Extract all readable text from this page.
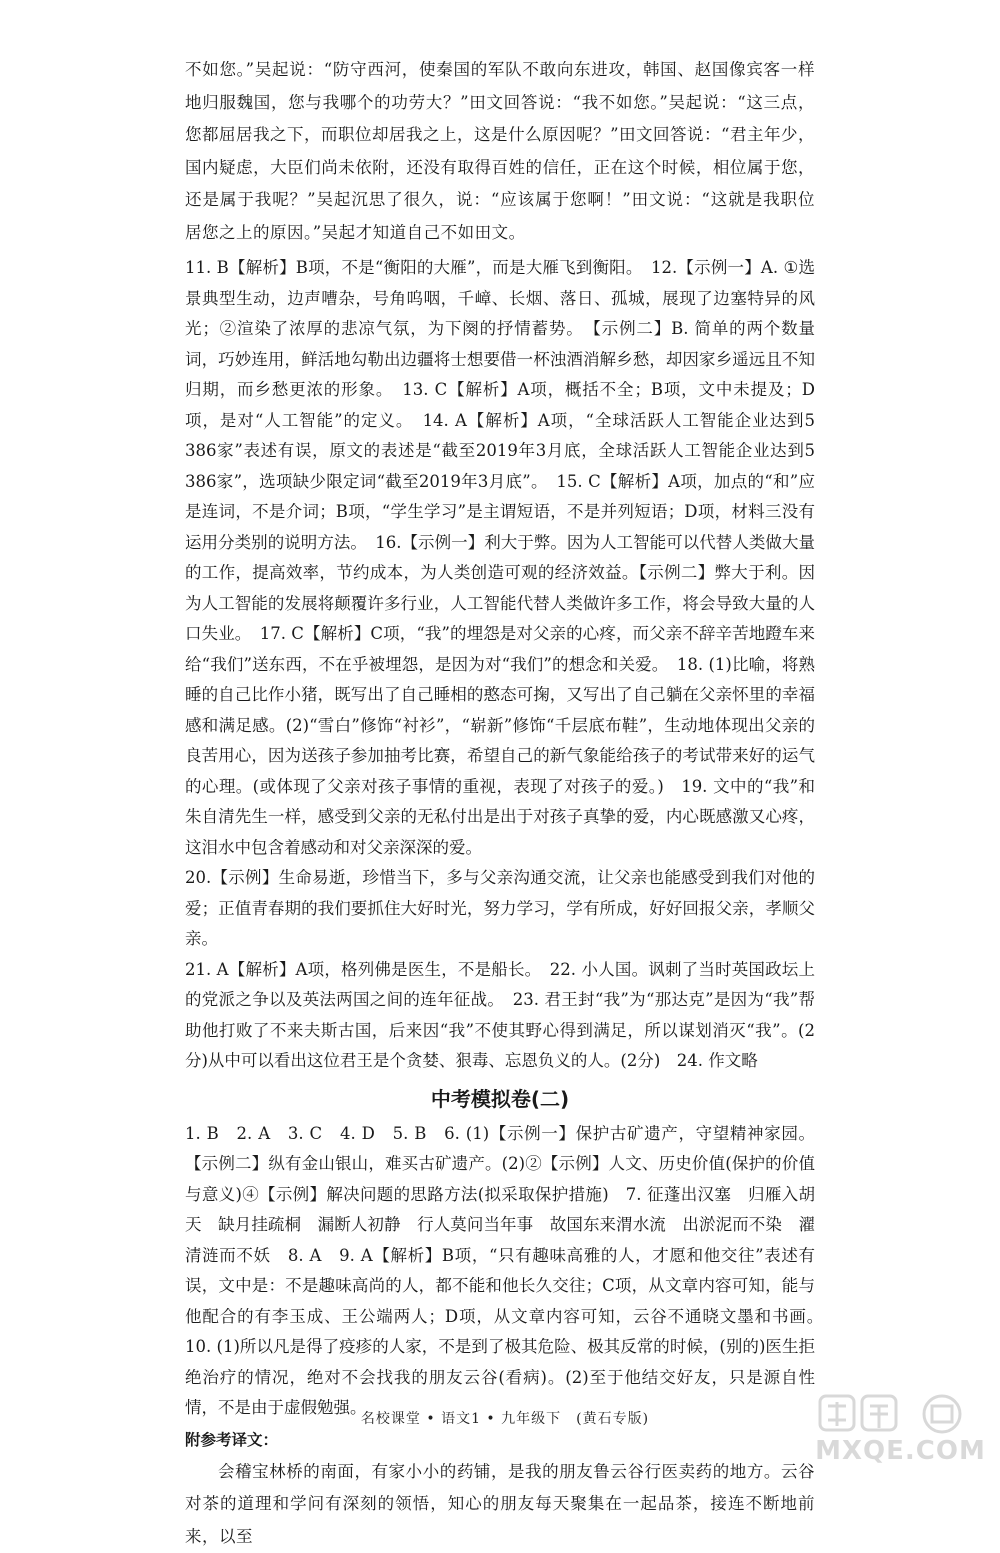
不如您。”吴起说：“防守西河，使秦国的军队不敢向东进攻，韩国、赵国像宾客一样地归服魏国，您与我哪个的功劳大？”田文回答说：“我不如您。”吴起说：“这三点，您都屈居我之下，而职位却居我之上，这是什么原因呢？”田文回答说：“君主年少，国内疑虑，大臣们尚未依附，还没有取得百姓的信任，正在这个时候，相位属于您，还是属于我呢？”吴起沉思了很久，说：“应该属于您啊！”田文说：“这就是我职位居您之上的原因。”吴起才知道自己不如田文。

11. B【解析】B项，不是“衡阳的大雁”，而是大雁飞到衡阳。　12.【示例一】A. ①选景典型生动，边声嘈杂，号角呜咽，千嶂、长烟、落日、孤城，展现了边塞特异的风光；②渲染了浓厚的悲凉气氛，为下阕的抒情蓄势。　【示例二】B. 简单的两个数量词，巧妙连用，鲜活地勾勒出边疆将士想要借一杯浊酒消解乡愁，却因家乡遥远且不知归期，而乡愁更浓的形象。　13. C【解析】A项，概括不全；B项，文中未提及；D项，是对“人工智能”的定义。　14. A【解析】A项，“全球活跃人工智能企业达到5 386家”表述有误，原文的表述是“截至2019年3月底，全球活跃人工智能企业达到5 386家”，选项缺少限定词“截至2019年3月底”。　15. C【解析】A项，加点的“和”应是连词，不是介词；B项，“学生学习”是主谓短语，不是并列短语；D项，材料三没有运用分类别的说明方法。　16.【示例一】利大于弊。因为人工智能可以代替人类做大量的工作，提高效率，节约成本，为人类创造可观的经济效益。【示例二】弊大于利。因为人工智能的发展将颠覆许多行业，人工智能代替人类做许多工作，将会导致大量的人口失业。　17. C【解析】C项，“我”的埋怨是对父亲的心疼，而父亲不辞辛苦地蹬车来给“我们”送东西，不在乎被埋怨，是因为对“我们”的想念和关爱。　18. (1)比喻，将熟睡的自己比作小猪，既写出了自己睡相的憨态可掬，又写出了自己躺在父亲怀里的幸福感和满足感。(2)“雪白”修饰“衬衫”，“崭新”修饰“千层底布鞋”，生动地体现出父亲的良苦用心，因为送孩子参加抽考比赛，希望自己的新气象能给孩子的考试带来好的运气的心理。(或体现了父亲对孩子事情的重视，表现了对孩子的爱。)　19. 文中的“我”和朱自清先生一样，感受到父亲的无私付出是出于对孩子真挚的爱，内心既感激又心疼，这泪水中包含着感动和对父亲深深的爱。

20.【示例】生命易逝，珍惜当下，多与父亲沟通交流，让父亲也能感受到我们对他的爱；正值青春期的我们要抓住大好时光，努力学习，学有所成，好好回报父亲，孝顺父亲。

21. A【解析】A项，格列佛是医生，不是船长。　22. 小人国。讽刺了当时英国政坛上的党派之争以及英法两国之间的连年征战。　23. 君王封“我”为“那达克”是因为“我”帮助他打败了不来夫斯古国，后来因“我”不使其野心得到满足，所以谋划消灭“我”。(2分)从中可以看出这位君王是个贪婪、狠毒、忘恩负义的人。(2分)　24. 作文略

中考模拟卷(二)

1. B　2. A　3. C　4. D　5. B　6. (1)【示例一】保护古矿遗产，守望精神家园。【示例二】纵有金山银山，难买古矿遗产。(2)②【示例】人文、历史价值(保护的价值与意义)④【示例】解决问题的思路方法(拟采取保护措施)　7. 征蓬出汉塞　归雁入胡天　缺月挂疏桐　漏断人初静　行人莫问当年事　故国东来渭水流　出淤泥而不染　濯清涟而不妖　8. A　9. A【解析】B项，“只有趣味高雅的人，才愿和他交往”表述有误，文中是：不是趣味高尚的人，都不能和他长久交往；C项，从文章内容可知，能与他配合的有李玉成、王公端两人；D项，从文章内容可知，云谷不通晓文墨和书画。　10. (1)所以凡是得了疫疹的人家，不是到了极其危险、极其反常的时候，(别的)医生拒绝治疗的情况，绝对不会找我的朋友云谷(看病)。(2)至于他结交好友，只是源自性情，不是由于虚假勉强。

附参考译文：

会稽宝林桥的南面，有家小小的药铺，是我的朋友鲁云谷行医卖药的地方。云谷对茶的道理和学问有深刻的领悟，知心的朋友每天聚集在一起品茶，接连不断地前来，以至

名校课堂 • 语文1 • 九年级下　(黄石专版)
MXQE.COM
